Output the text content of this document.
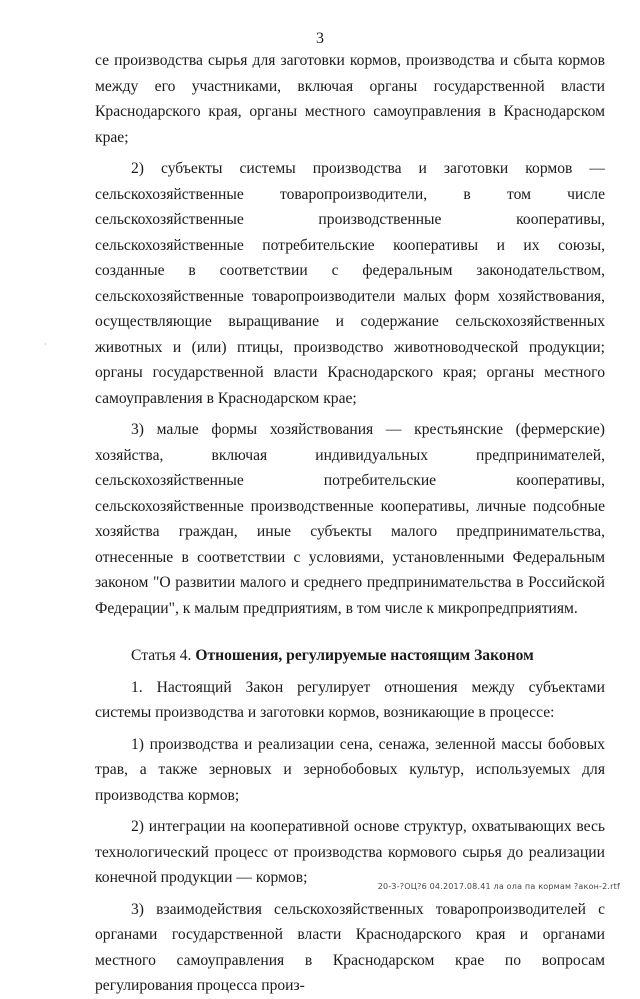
3
·

се производства сырья для заготовки кормов, производства и сбыта кормов между его участниками, включая органы государственной власти Краснодарского края, органы местного самоуправления в Краснодарском крае;

2) субъекты системы производства и заготовки кормов — сельскохозяйственные товаропроизводители, в том числе сельскохозяйственные производственные кооперативы, сельскохозяйственные потребительские кооперативы и их союзы, созданные в соответствии с федеральным законодательством, сельскохозяйственные товаропроизводители малых форм хозяйствования, осуществляющие выращивание и содержание сельскохозяйственных животных и (или) птицы, производство животноводческой продукции; органы государственной власти Краснодарского края; органы местного самоуправления в Краснодарском крае;

3) малые формы хозяйствования — крестьянские (фермерские) хозяйства, включая индивидуальных предпринимателей, сельскохозяйственные потребительские кооперативы, сельскохозяйственные производственные кооперативы, личные подсобные хозяйства граждан, иные субъекты малого предпринимательства, отнесенные в соответствии с условиями, установленными Федеральным законом "О развитии малого и среднего предпринимательства в Российской Федерации", к малым предприятиям, в том числе к микропредприятиям.

Статья 4. Отношения, регулируемые настоящим Законом

1. Настоящий Закон регулирует отношения между субъектами системы производства и заготовки кормов, возникающие в процессе:

1) производства и реализации сена, сенажа, зеленной массы бобовых трав, а также зерновых и зернобобовых культур, используемых для производства кормов;

2) интеграции на кооперативной основе структур, охватывающих весь технологический процесс от производства кормового сырья до реализации конечной продукции — кормов;

3) взаимодействия сельскохозяйственных товаропроизводителей с органами государственной власти Краснодарского края и органами местного самоуправления в Краснодарском крае по вопросам регулирования процесса произ-

20-3-?ОЦ?6 04.2017.08.41 ла ола па кормам ?акон-2.rtf
